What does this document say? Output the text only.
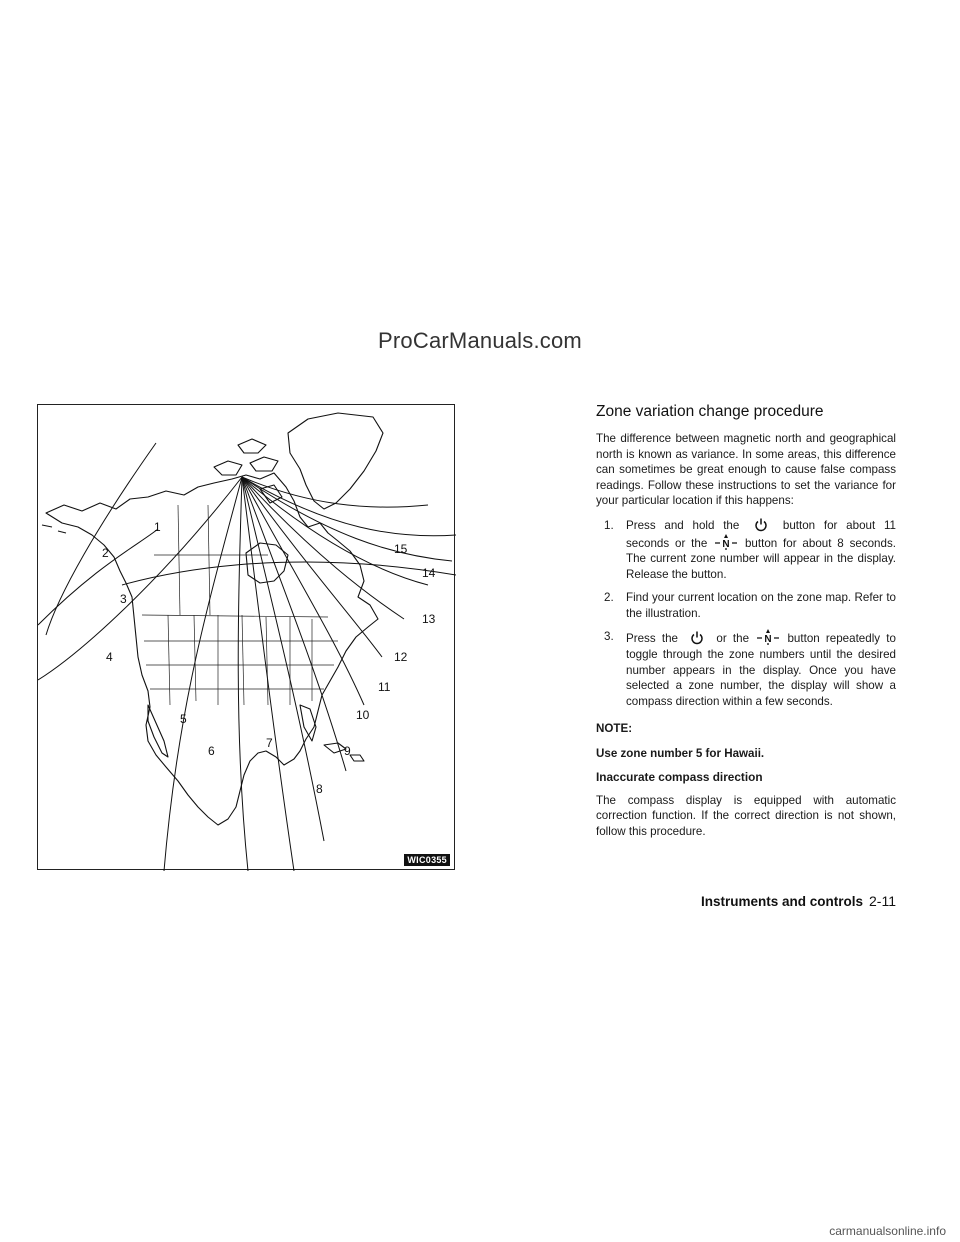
ProCarManuals.com
1
2
3
4
5
6
7
8
9
10
11
12
13
14
15
WIC0355
Zone variation change procedure

The difference between magnetic north and geographical north is known as variance. In some areas, this difference can sometimes be great enough to cause false compass readings. Follow these instructions to set the variance for your particular location if this happens:

1. Press and hold the	button for about 11 seconds or the N button for about 8 seconds. The current zone number will appear in the display. Release the button.
2. Find your current location on the zone map. Refer to the illustration.
3. Press the	or the N button repeatedly to toggle through the zone numbers until the desired number appears in the display. Once you have selected a zone number, the display will show a compass direction within a few seconds.

NOTE:

Use zone number 5 for Hawaii.

Inaccurate compass direction

The compass display is equipped with automatic correction function. If the correct direction is not shown, follow this procedure.

Instruments and controls 2-11
carmanualsonline.info
